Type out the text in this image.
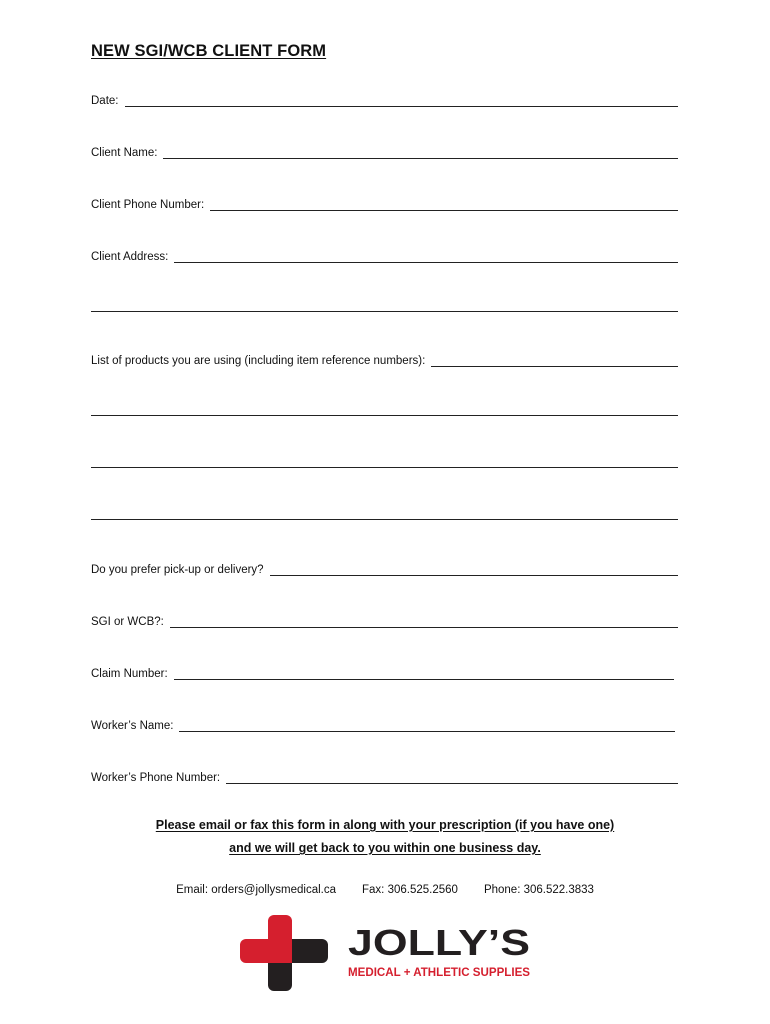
NEW SGI/WCB CLIENT FORM
Date:
Client Name:
Client Phone Number:
Client Address:
List of products you are using (including item reference numbers):
Do you prefer pick-up or delivery?
SGI or WCB?:
Claim Number:
Worker’s Name:
Worker’s Phone Number:
Please email or fax this form in along with your prescription (if you have one)
and we will get back to you within one business day.
Email: orders@jollysmedical.ca Fax: 306.525.2560 Phone: 306.522.3833
JOLLY’S
MEDICAL + ATHLETIC SUPPLIES
